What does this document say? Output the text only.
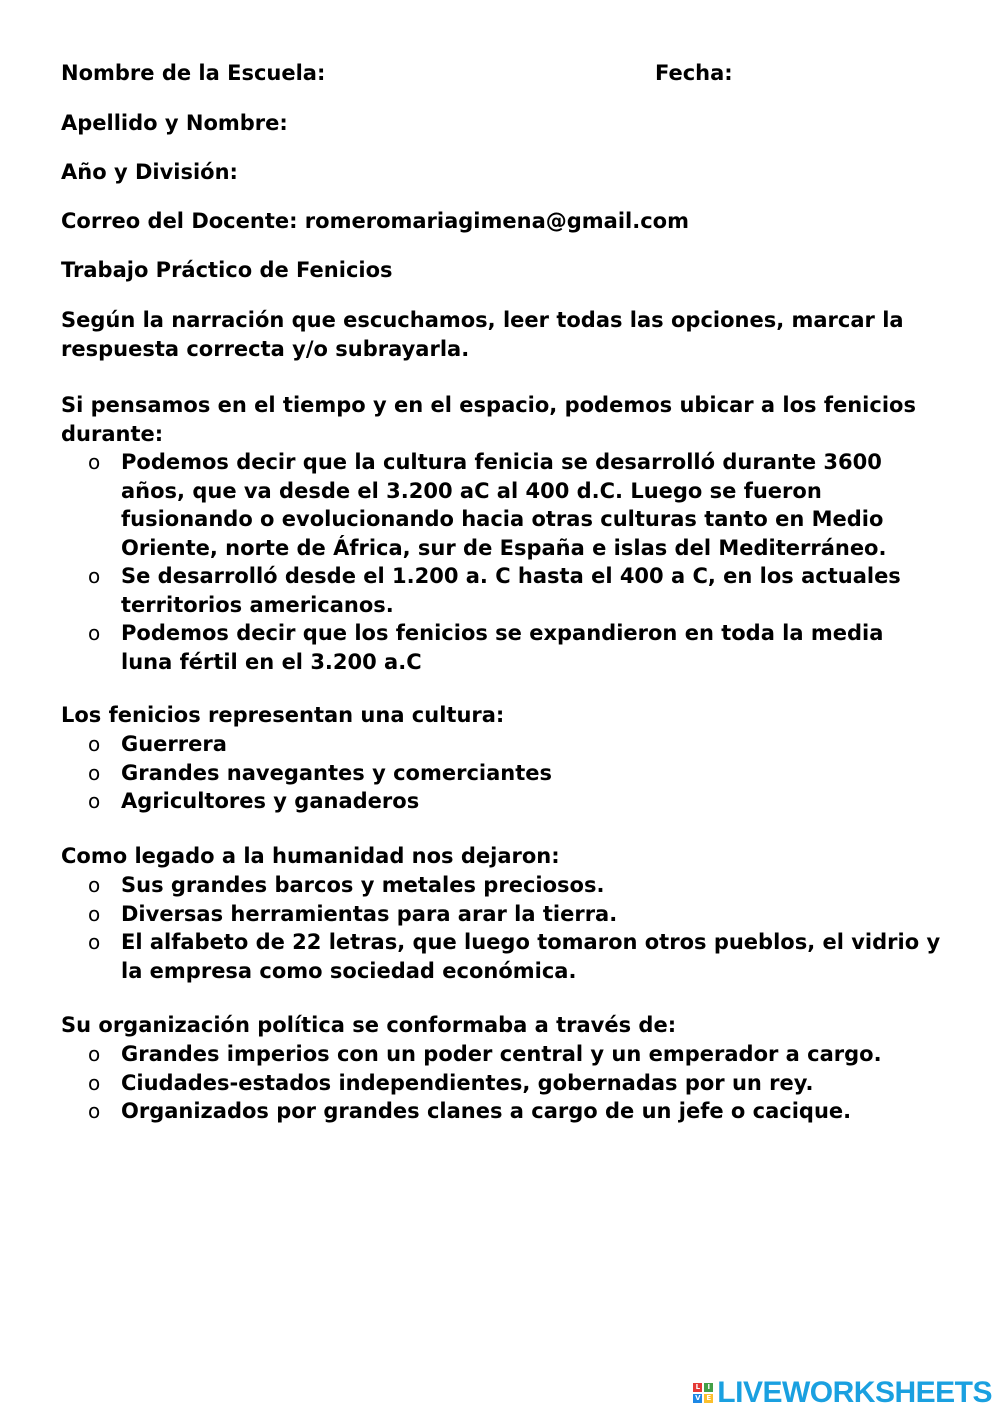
Nombre de la Escuela:	Fecha:
Apellido y Nombre:
Año y División:
Correo del Docente: romeromariagimena@gmail.com
Trabajo Práctico de Fenicios
Según la narración que escuchamos, leer todas las opciones, marcar la respuesta correcta y/o subrayarla.
Si pensamos en el tiempo y en el espacio, podemos ubicar a los fenicios durante:
o Podemos decir que la cultura fenicia se desarrolló durante 3600 años, que va desde el 3.200 aC al 400 d.C. Luego se fueron fusionando o evolucionando hacia otras culturas tanto en Medio Oriente, norte de África, sur de España e islas del Mediterráneo.
o Se desarrolló desde el 1.200 a. C hasta el 400 a C, en los actuales territorios americanos.
o Podemos decir que los fenicios se expandieron en toda la media luna fértil en el 3.200 a.C
Los fenicios representan una cultura:
o Guerrera
o Grandes navegantes y comerciantes
o Agricultores y ganaderos
Como legado a la humanidad nos dejaron:
o Sus grandes barcos y metales preciosos.
o Diversas herramientas para arar la tierra.
o El alfabeto de 22 letras, que luego tomaron otros pueblos, el vidrio y la empresa como sociedad económica.
Su organización política se conformaba a través de:
o Grandes imperios con un poder central y un emperador a cargo.
o Ciudades-estados independientes, gobernadas por un rey.
o Organizados por grandes clanes a cargo de un jefe o cacique.
L	I
V E LIVEWORKSHEETS
